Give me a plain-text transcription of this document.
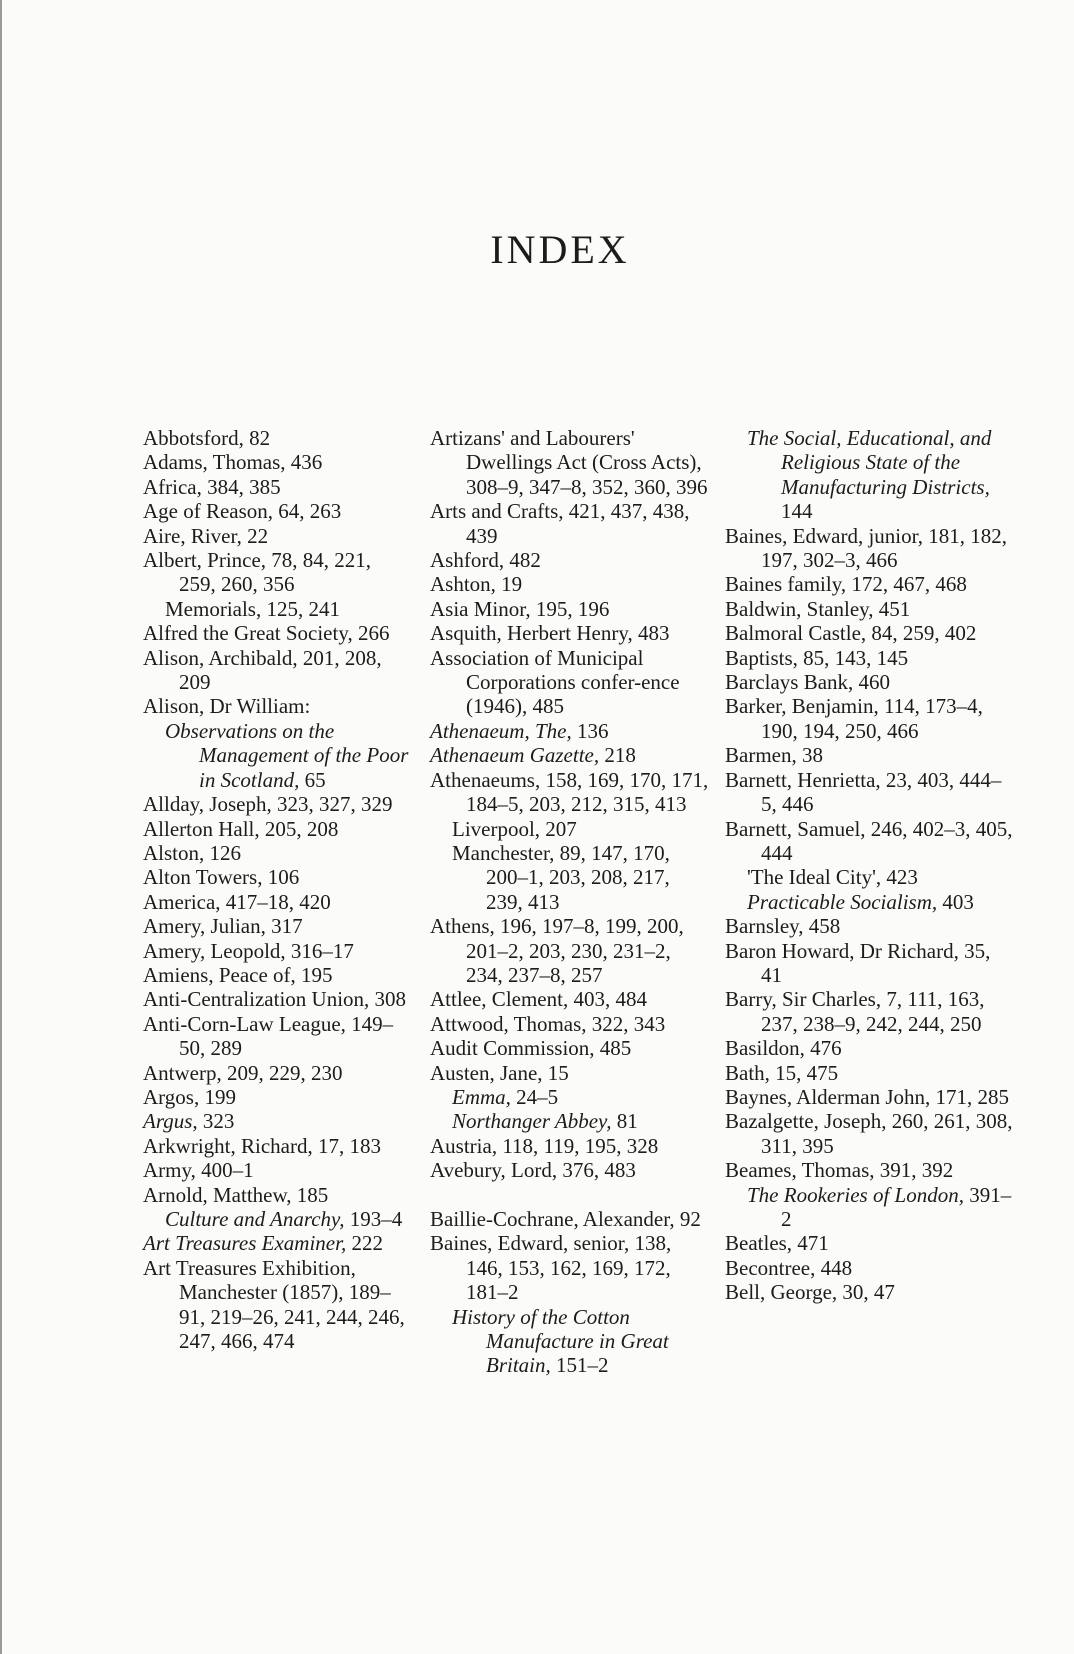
INDEX
Abbotsford, 82
Adams, Thomas, 436
Africa, 384, 385
Age of Reason, 64, 263
Aire, River, 22
Albert, Prince, 78, 84, 221, 259, 260, 356
Memorials, 125, 241
Alfred the Great Society, 266
Alison, Archibald, 201, 208, 209
Alison, Dr William:
Observations on the Management of the Poor in Scotland, 65
Allday, Joseph, 323, 327, 329
Allerton Hall, 205, 208
Alston, 126
Alton Towers, 106
America, 417–18, 420
Amery, Julian, 317
Amery, Leopold, 316–17
Amiens, Peace of, 195
Anti-Centralization Union, 308
Anti-Corn-Law League, 149–50, 289
Antwerp, 209, 229, 230
Argos, 199
Argus, 323
Arkwright, Richard, 17, 183
Army, 400–1
Arnold, Matthew, 185
Culture and Anarchy, 193–4
Art Treasures Examiner, 222
Art Treasures Exhibition, Manchester (1857), 189–91, 219–26, 241, 244, 246, 247, 466, 474
Artizans' and Labourers' Dwellings Act (Cross Acts), 308–9, 347–8, 352, 360, 396
Arts and Crafts, 421, 437, 438, 439
Ashford, 482
Ashton, 19
Asia Minor, 195, 196
Asquith, Herbert Henry, 483
Association of Municipal Corporations confer-ence (1946), 485
Athenaeum, The, 136
Athenaeum Gazette, 218
Athenaeums, 158, 169, 170, 171, 184–5, 203, 212, 315, 413
Liverpool, 207
Manchester, 89, 147, 170, 200–1, 203, 208, 217, 239, 413
Athens, 196, 197–8, 199, 200, 201–2, 203, 230, 231–2, 234, 237–8, 257
Attlee, Clement, 403, 484
Attwood, Thomas, 322, 343
Audit Commission, 485
Austen, Jane, 15
Emma, 24–5
Northanger Abbey, 81
Austria, 118, 119, 195, 328
Avebury, Lord, 376, 483
Baillie-Cochrane, Alexander, 92
Baines, Edward, senior, 138, 146, 153, 162, 169, 172, 181–2
History of the Cotton Manufacture in Great Britain, 151–2
The Social, Educational, and Religious State of the Manufacturing Districts, 144
Baines, Edward, junior, 181, 182, 197, 302–3, 466
Baines family, 172, 467, 468
Baldwin, Stanley, 451
Balmoral Castle, 84, 259, 402
Baptists, 85, 143, 145
Barclays Bank, 460
Barker, Benjamin, 114, 173–4, 190, 194, 250, 466
Barmen, 38
Barnett, Henrietta, 23, 403, 444–5, 446
Barnett, Samuel, 246, 402–3, 405, 444
'The Ideal City', 423
Practicable Socialism, 403
Barnsley, 458
Baron Howard, Dr Richard, 35, 41
Barry, Sir Charles, 7, 111, 163, 237, 238–9, 242, 244, 250
Basildon, 476
Bath, 15, 475
Baynes, Alderman John, 171, 285
Bazalgette, Joseph, 260, 261, 308, 311, 395
Beames, Thomas, 391, 392
The Rookeries of London, 391–2
Beatles, 471
Becontree, 448
Bell, George, 30, 47
